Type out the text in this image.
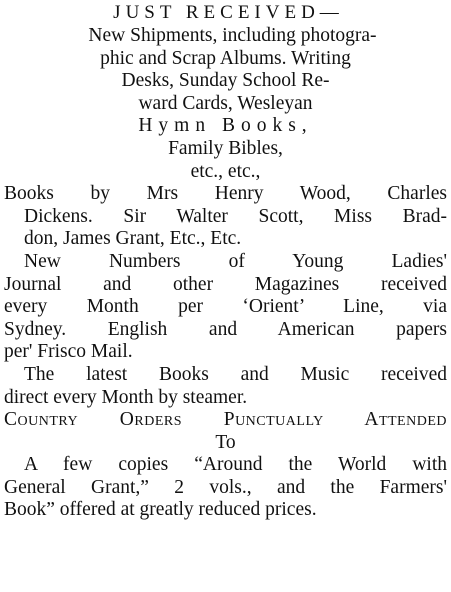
JUST RECEIVED—
New Shipments, including photogra-
phic and Scrap Albums. Writing
Desks, Sunday School Re-
ward Cards, Wesleyan
Hymn Books,
Family Bibles,
etc., etc.,
Books by Mrs Henry Wood, Charles
Dickens. Sir Walter Scott, Miss Brad-
don, James Grant, Etc., Etc.
New Numbers of Young Ladies'
Journal and other Magazines received
every Month per ‘Orient’ Line, via
Sydney. English and American papers
per' Frisco Mail.
The latest Books and Music received
direct every Month by steamer.
Country Orders Punctually Attended
To
A few copies “Around the World with
General Grant,” 2 vols., and the Farmers'
Book” offered at greatly reduced prices.
